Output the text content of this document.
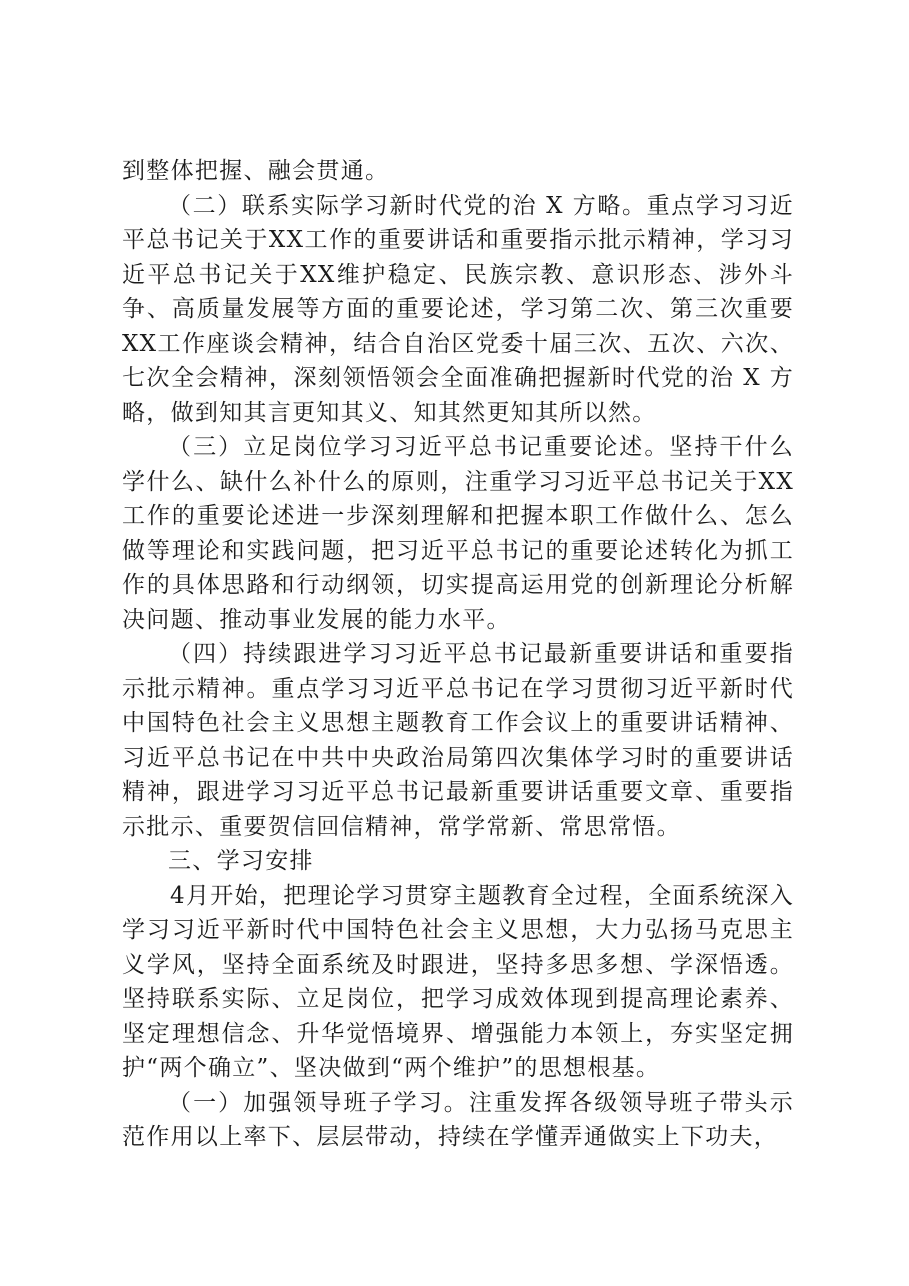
到整体把握、融会贯通。

（二）联系实际学习新时代党的治 X 方略。重点学习习近平总书记关于XX工作的重要讲话和重要指示批示精神，学习习近平总书记关于XX维护稳定、民族宗教、意识形态、涉外斗争、高质量发展等方面的重要论述，学习第二次、第三次重要XX工作座谈会精神，结合自治区党委十届三次、五次、六次、七次全会精神，深刻领悟领会全面准确把握新时代党的治 X 方略，做到知其言更知其义、知其然更知其所以然。

（三）立足岗位学习习近平总书记重要论述。坚持干什么学什么、缺什么补什么的原则，注重学习习近平总书记关于XX工作的重要论述进一步深刻理解和把握本职工作做什么、怎么做等理论和实践问题，把习近平总书记的重要论述转化为抓工作的具体思路和行动纲领，切实提高运用党的创新理论分析解决问题、推动事业发展的能力水平。

（四）持续跟进学习习近平总书记最新重要讲话和重要指示批示精神。重点学习习近平总书记在学习贯彻习近平新时代中国特色社会主义思想主题教育工作会议上的重要讲话精神、习近平总书记在中共中央政治局第四次集体学习时的重要讲话精神，跟进学习习近平总书记最新重要讲话重要文章、重要指示批示、重要贺信回信精神，常学常新、常思常悟。

三、学习安排

4月开始，把理论学习贯穿主题教育全过程，全面系统深入学习习近平新时代中国特色社会主义思想，大力弘扬马克思主义学风，坚持全面系统及时跟进，坚持多思多想、学深悟透。坚持联系实际、立足岗位，把学习成效体现到提高理论素养、坚定理想信念、升华觉悟境界、增强能力本领上，夯实坚定拥护“两个确立”、坚决做到“两个维护”的思想根基。

（一）加强领导班子学习。注重发挥各级领导班子带头示范作用以上率下、层层带动，持续在学懂弄通做实上下功夫，
